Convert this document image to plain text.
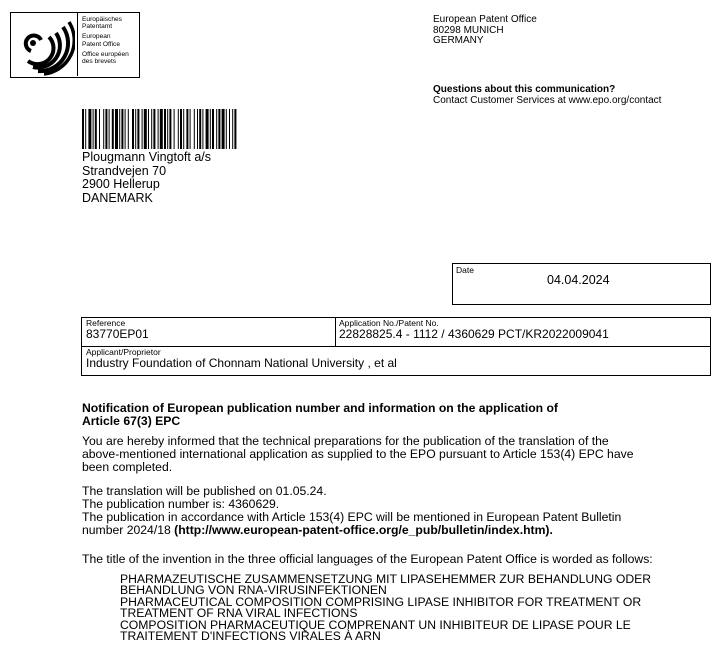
Europäisches
Patentamt
European
Patent Office
Office européen
des brevets
European Patent Office
80298 MUNICH
GERMANY
Questions about this communication?
Contact Customer Services at www.epo.org/contact
Plougmann Vingtoft a/s
Strandvejen 70
2900 Hellerup
DANEMARK
Date
04.04.2024
Reference
83770EP01
Application No./Patent No.
22828825.4 - 1112 / 4360629 PCT/KR2022009041
Applicant/Proprietor
Industry Foundation of Chonnam National University , et al
Notification of European publication number and information on the application of
Article 67(3) EPC
You are hereby informed that the technical preparations for the publication of the translation of the
above-mentioned international application as supplied to the EPO pursuant to Article 153(4) EPC have
been completed.
The translation will be published on 01.05.24.
The publication number is: 4360629.
The publication in accordance with Article 153(4) EPC will be mentioned in European Patent Bulletin
number 2024/18 (http://www.european-patent-office.org/e_pub/bulletin/index.htm).
The title of the invention in the three official languages of the European Patent Office is worded as follows:
PHARMAZEUTISCHE ZUSAMMENSETZUNG MIT LIPASEHEMMER ZUR BEHANDLUNG ODER
BEHANDLUNG VON RNA-VIRUSINFEKTIONEN
PHARMACEUTICAL COMPOSITION COMPRISING LIPASE INHIBITOR FOR TREATMENT OR
TREATMENT OF RNA VIRAL INFECTIONS
COMPOSITION PHARMACEUTIQUE COMPRENANT UN INHIBITEUR DE LIPASE POUR LE
TRAITEMENT D'INFECTIONS VIRALES À ARN
